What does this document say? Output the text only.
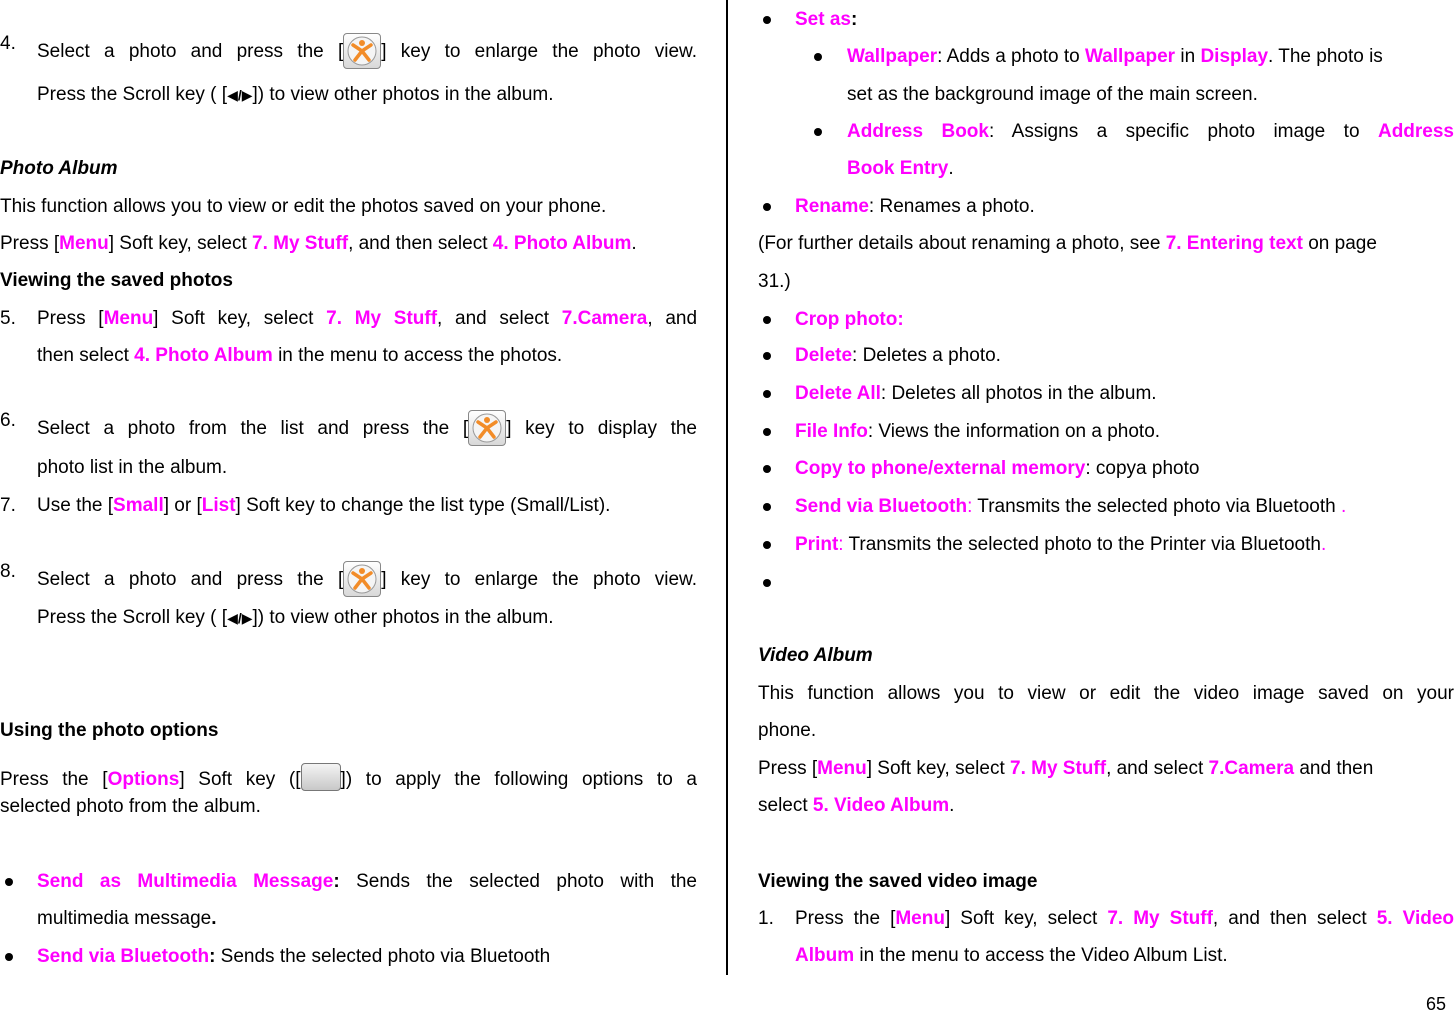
4. Select a photo and press the [ ] key to enlarge the photo view.
Press the Scroll key ( [◀/▶]) to view other photos in the album.
Photo Album
This function allows you to view or edit the photos saved on your phone.
Press [Menu] Soft key, select 7. My Stuff, and then select 4. Photo Album.
Viewing the saved photos
5. Press [Menu] Soft key, select 7. My Stuff, and select 7.Camera, and
then select 4. Photo Album in the menu to access the photos.
6. Select a photo from the list and press the [ ] key to display the
photo list in the album.
7. Use the [Small] or [List] Soft key to change the list type (Small/List).
8. Select a photo and press the [ ] key to enlarge the photo view.
Press the Scroll key ( [◀/▶]) to view other photos in the album.
Using the photo options
Press the [Options] Soft key ([ ]) to apply the following options to a
selected photo from the album.
Send as Multimedia Message: Sends the selected photo with the
multimedia message.
Send via Bluetooth: Sends the selected photo via Bluetooth
Set as:
Wallpaper: Adds a photo to Wallpaper in Display. The photo is
set as the background image of the main screen.
Address Book: Assigns a specific photo image to Address
Book Entry.
Rename: Renames a photo.
(For further details about renaming a photo, see 7. Entering text on page
31.)
Crop photo:
Delete: Deletes a photo.
Delete All: Deletes all photos in the album.
File Info: Views the information on a photo.
Copy to phone/external memory: copya photo
Send via Bluetooth: Transmits the selected photo via Bluetooth .
Print: Transmits the selected photo to the Printer via Bluetooth.
Video Album
This function allows you to view or edit the video image saved on your
phone.
Press [Menu] Soft key, select 7. My Stuff, and select 7.Camera and then
select 5. Video Album.
Viewing the saved video image
1. Press the [Menu] Soft key, select 7. My Stuff, and then select 5. Video
Album in the menu to access the Video Album List.
65
